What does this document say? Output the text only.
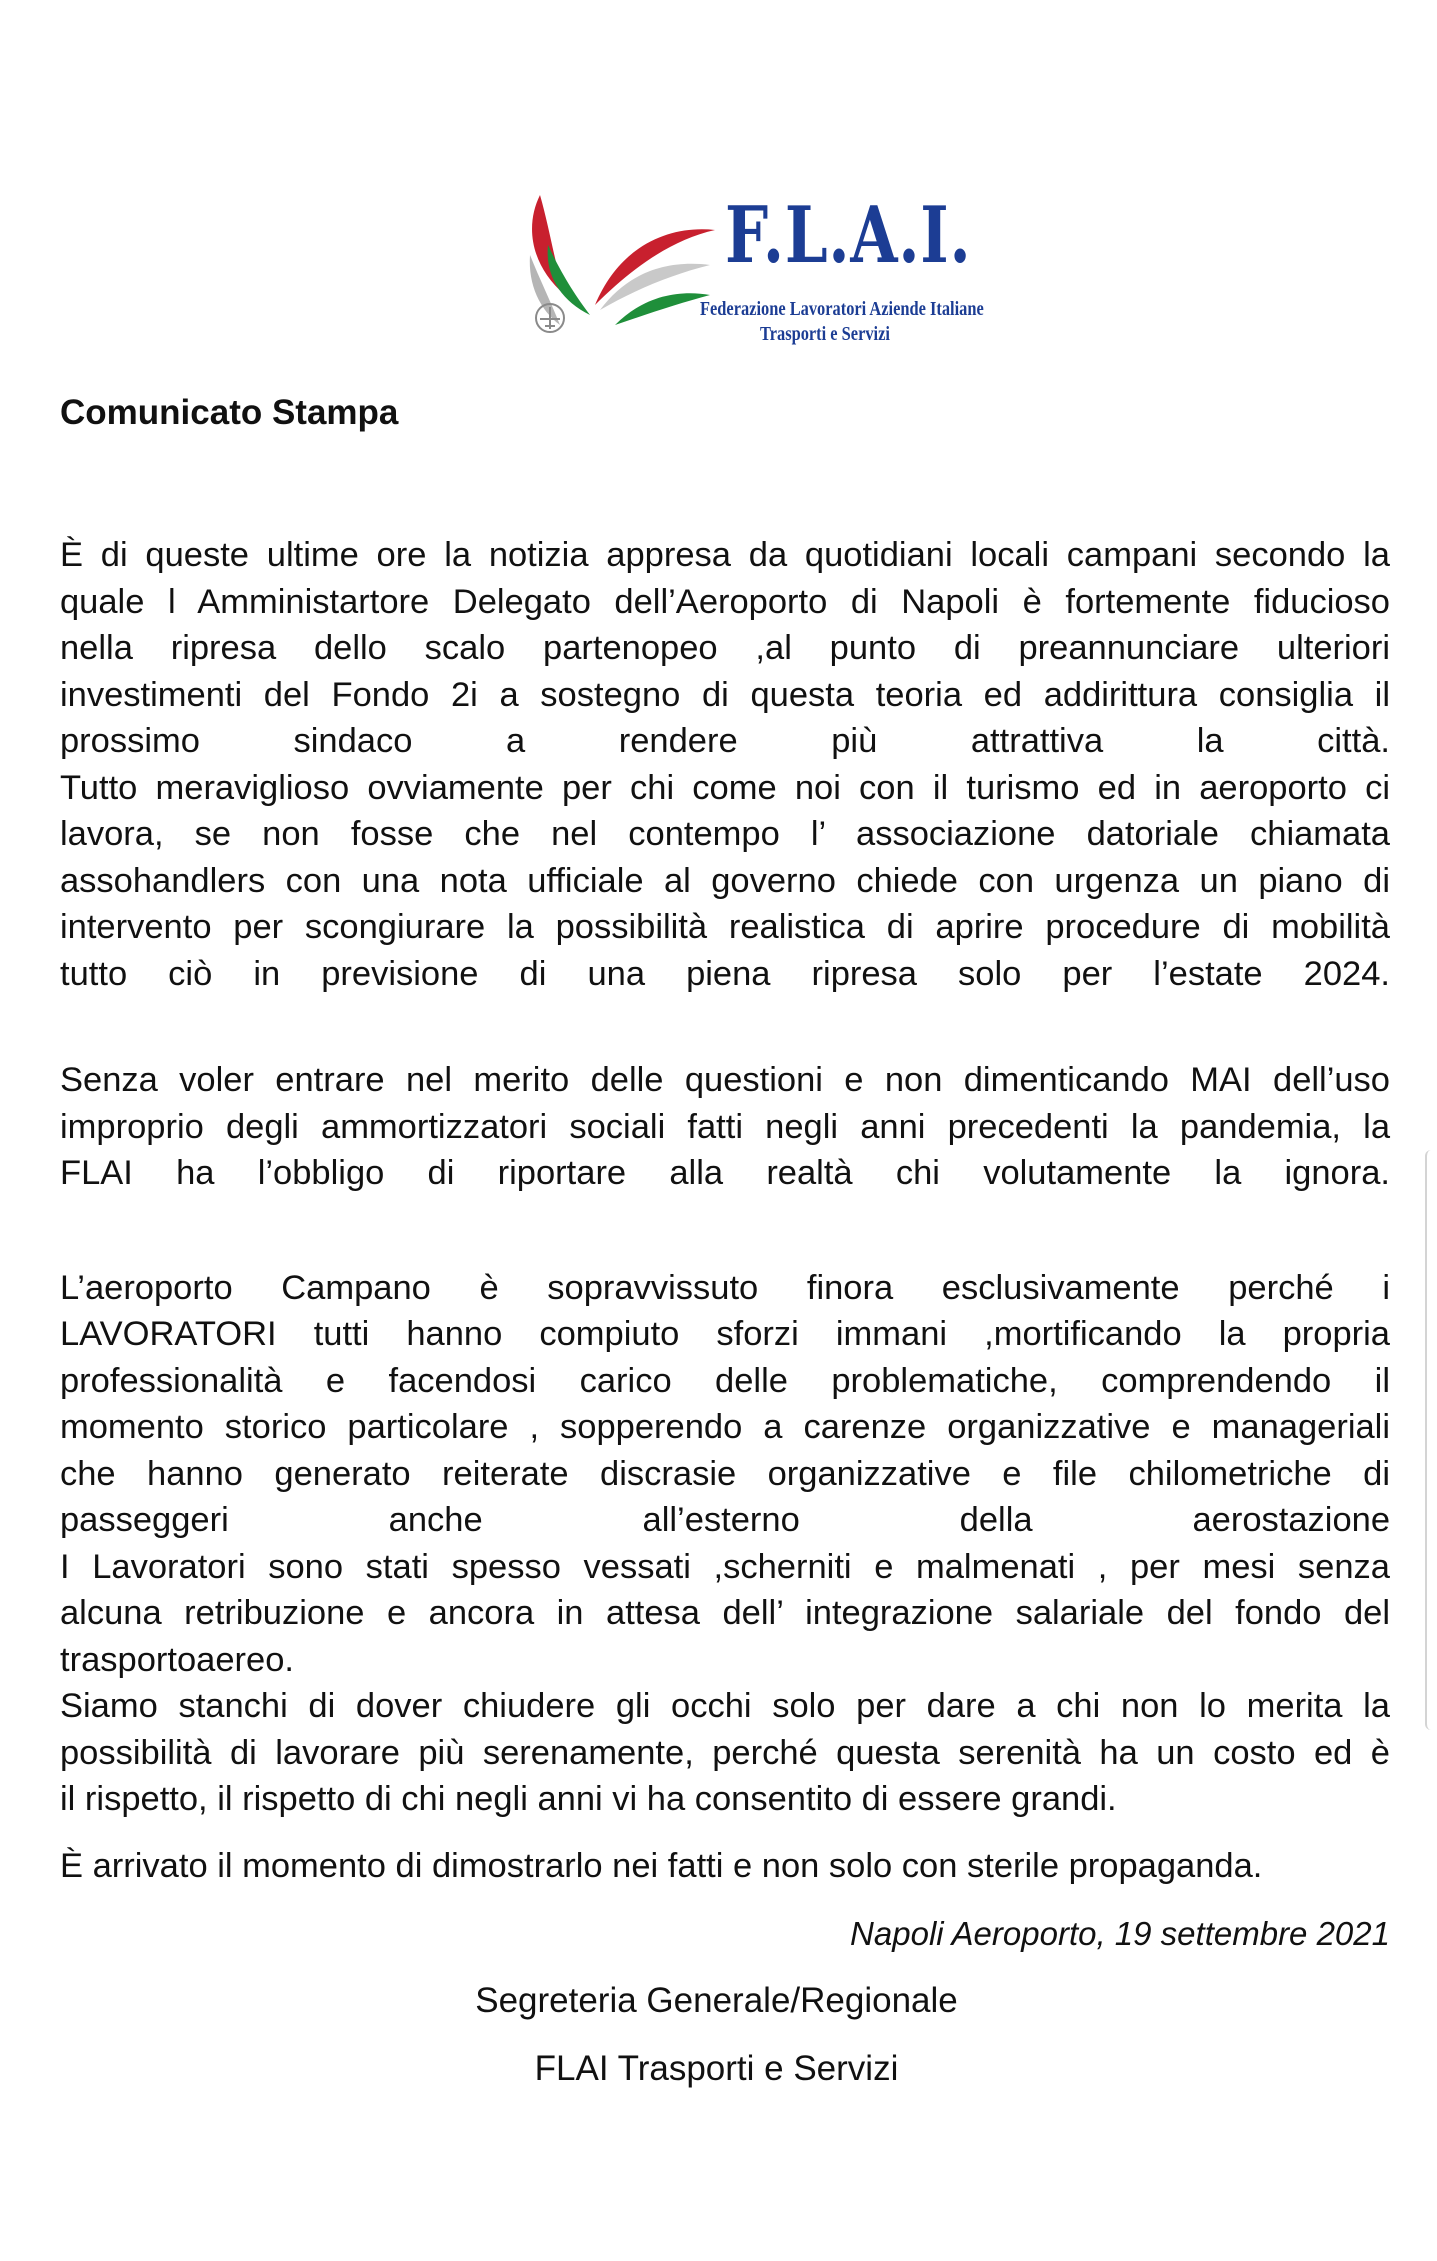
F.L.A.I.
Federazione Lavoratori Aziende Italiane
Trasporti e Servizi
Comunicato Stampa

È di queste ultime ore la notizia appresa da quotidiani locali campani secondo la

quale l Amministartore Delegato dell’Aeroporto di Napoli è fortemente fiducioso

nella ripresa dello scalo partenopeo ,al punto di preannunciare ulteriori

investimenti del Fondo 2i a sostegno di questa teoria ed addirittura consiglia il

prossimo sindaco a rendere più attrattiva la città.

Tutto meraviglioso ovviamente per chi come noi con il turismo ed in aeroporto ci

lavora, se non fosse che nel contempo l’ associazione datoriale chiamata

assohandlers con una nota ufficiale al governo chiede con urgenza un piano di

intervento per scongiurare la possibilità realistica di aprire procedure di mobilità

tutto ciò in previsione di una piena ripresa solo per l’estate 2024.

Senza voler entrare nel merito delle questioni e non dimenticando MAI dell’uso

improprio degli ammortizzatori sociali fatti negli anni precedenti la pandemia, la

FLAI ha l’obbligo di riportare alla realtà chi volutamente la ignora.

L’aeroporto Campano è sopravvissuto finora esclusivamente perché i

LAVORATORI tutti hanno compiuto sforzi immani ,mortificando la propria

professionalità e facendosi carico delle problematiche, comprendendo il

momento storico particolare , sopperendo a carenze organizzative e manageriali

che hanno generato reiterate discrasie organizzative e file chilometriche di

passeggeri anche all’esterno della aerostazione

I Lavoratori sono stati spesso vessati ,scherniti e malmenati , per mesi senza

alcuna retribuzione e ancora in attesa dell’ integrazione salariale del fondo del

trasportoaereo.

Siamo stanchi di dover chiudere gli occhi solo per dare a chi non lo merita la

possibilità di lavorare più serenamente, perché questa serenità ha un costo ed è

il rispetto, il rispetto di chi negli anni vi ha consentito di essere grandi.

È arrivato il momento di dimostrarlo nei fatti e non solo con sterile propaganda.

Napoli Aeroporto, 19 settembre 2021
Segreteria Generale/Regionale
FLAI Trasporti e Servizi
